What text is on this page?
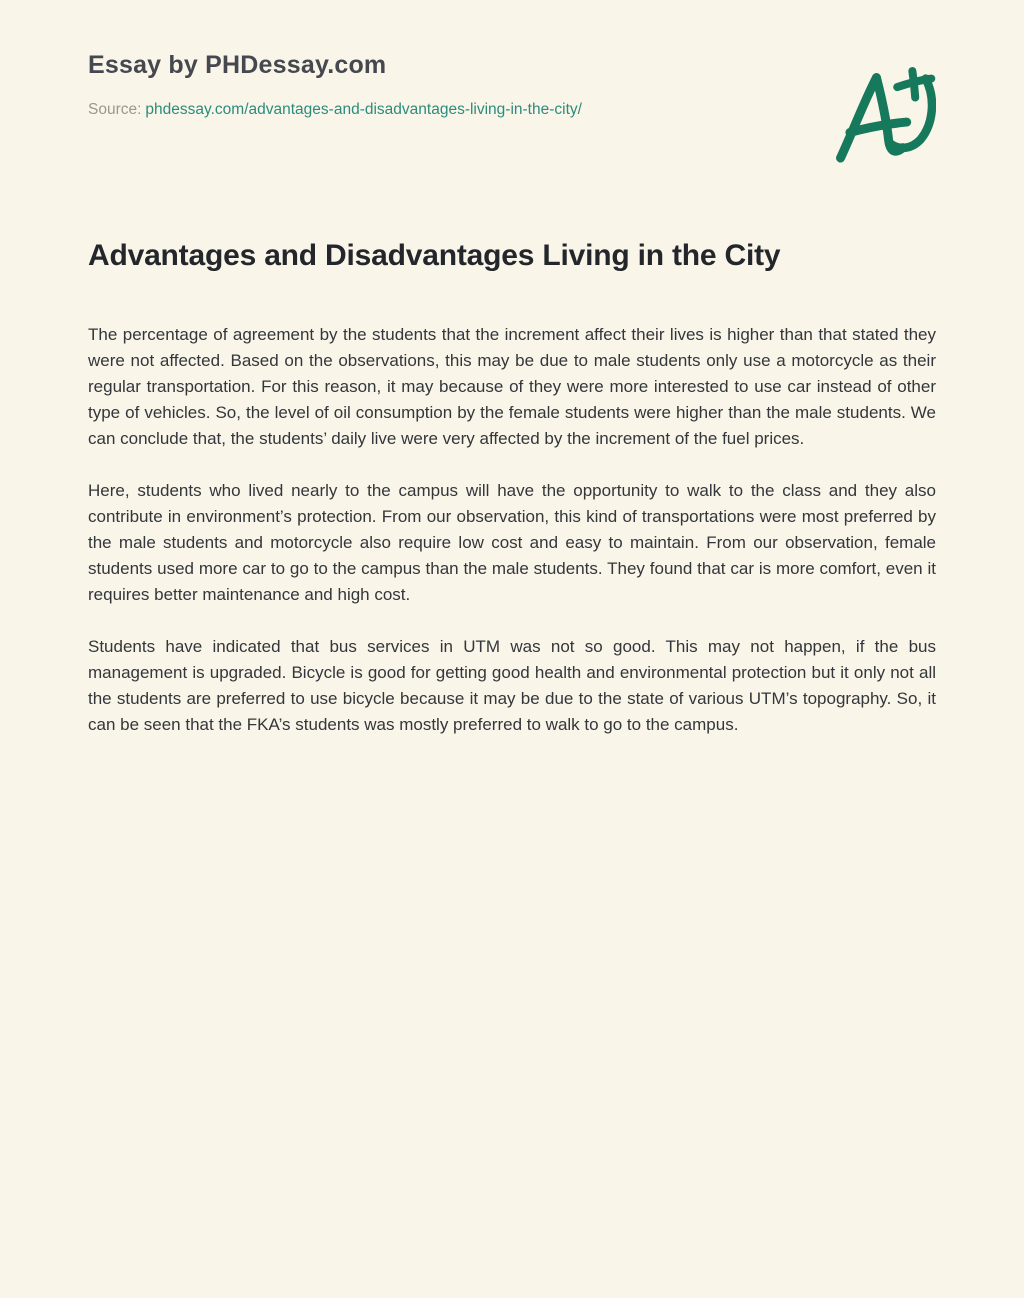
Essay by PHDessay.com
Source: phdessay.com/advantages-and-disadvantages-living-in-the-city/
Advantages and Disadvantages Living in the City

The percentage of agreement by the students that the increment affect their lives is higher than that stated they were not affected. Based on the observations, this may be due to male students only use a motorcycle as their regular transportation. For this reason, it may because of they were more interested to use car instead of other type of vehicles. So, the level of oil consumption by the female students were higher than the male students. We can conclude that, the students’ daily live were very affected by the increment of the fuel prices.

Here, students who lived nearly to the campus will have the opportunity to walk to the class and they also contribute in environment’s protection. From our observation, this kind of transportations were most preferred by the male students and motorcycle also require low cost and easy to maintain. From our observation, female students used more car to go to the campus than the male students. They found that car is more comfort, even it requires better maintenance and high cost.

Students have indicated that bus services in UTM was not so good. This may not happen, if the bus management is upgraded. Bicycle is good for getting good health and environmental protection but it only not all the students are preferred to use bicycle because it may be due to the state of various UTM’s topography. So, it can be seen that the FKA’s students was mostly preferred to walk to go to the campus.
